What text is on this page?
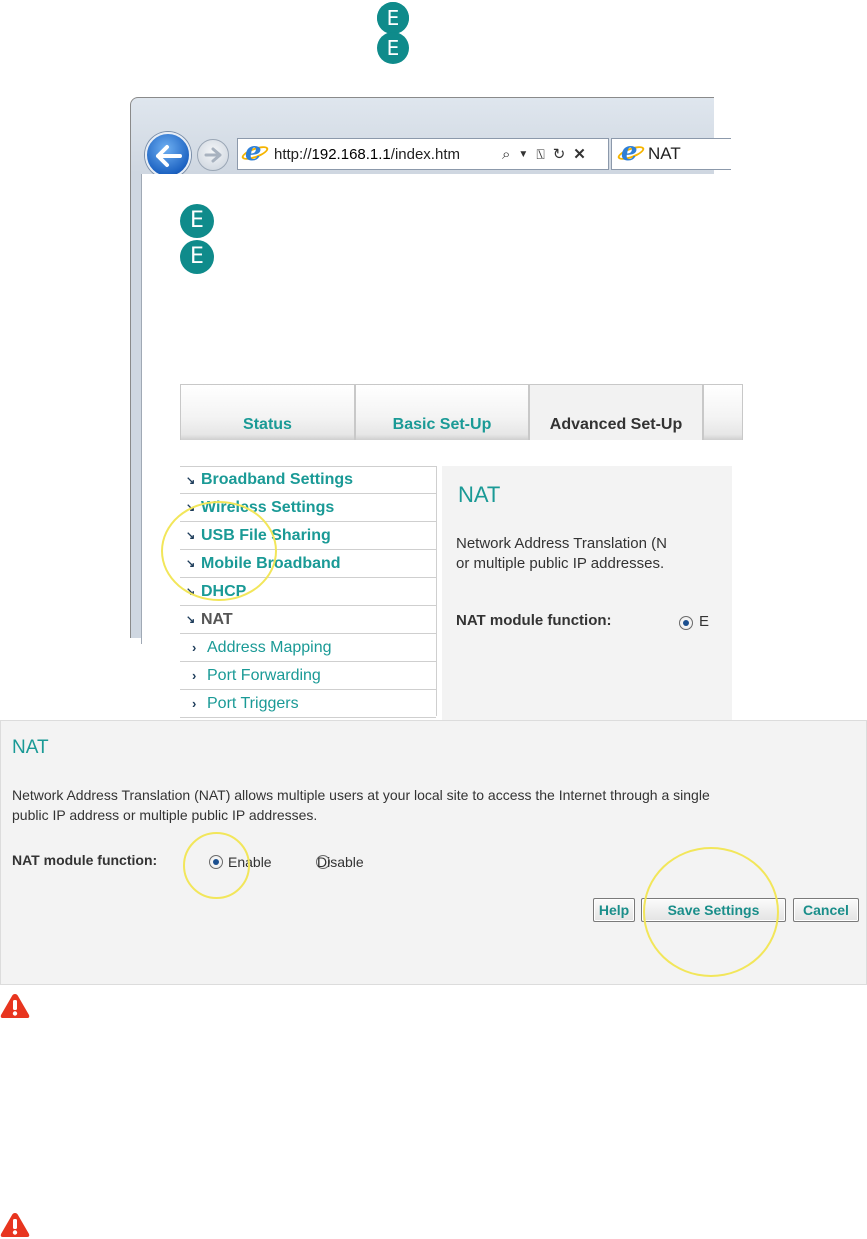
E
E
e http://192.168.1.1/index.htm	⌕ ▼ ⍂ ↻ ✕ e NAT
E
E
Status	Basic Set-Up	Advanced Set-Up
↘ Broadband Settings
↘ Wireless Settings
↘ USB File Sharing
↘ Mobile Broadband
↘ DHCP
↘ NAT
› Address Mapping
› Port Forwarding
› Port Triggers
NAT
Network Address Translation (N
or multiple public IP addresses.
NAT module function:	E
NAT
Network Address Translation (NAT) allows multiple users at your local site to access the Internet through a single
public IP address or multiple public IP addresses.
NAT module function:
	Enable	Disable
Help	Save Settings	Cancel
